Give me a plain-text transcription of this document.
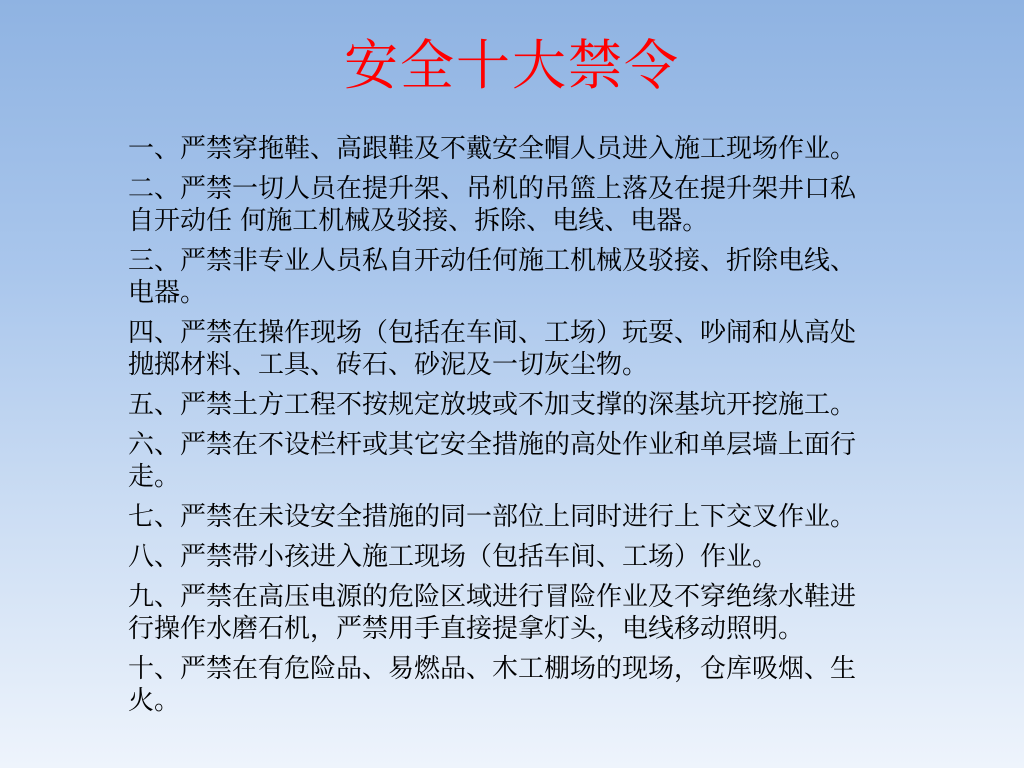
安全十大禁令
一、严禁穿拖鞋、高跟鞋及不戴安全帽人员进入施工现场作业。
二、严禁一切人员在提升架、吊机的吊篮上落及在提升架井口私
自开动任 何施工机械及驳接、拆除、电线、电器。
三、严禁非专业人员私自开动任何施工机械及驳接、折除电线、
电器。
四、严禁在操作现场（包括在车间、工场）玩耍、吵闹和从高处
抛掷材料、工具、砖石、砂泥及一切灰尘物。
五、严禁土方工程不按规定放坡或不加支撑的深基坑开挖施工。
六、严禁在不设栏杆或其它安全措施的高处作业和单层墙上面行
走。
七、严禁在未设安全措施的同一部位上同时进行上下交叉作业。
八、严禁带小孩进入施工现场（包括车间、工场）作业。
九、严禁在高压电源的危险区域进行冒险作业及不穿绝缘水鞋进
行操作水磨石机，严禁用手直接提拿灯头，电线移动照明。
十、严禁在有危险品、易燃品、木工棚场的现场，仓库吸烟、生
火。
